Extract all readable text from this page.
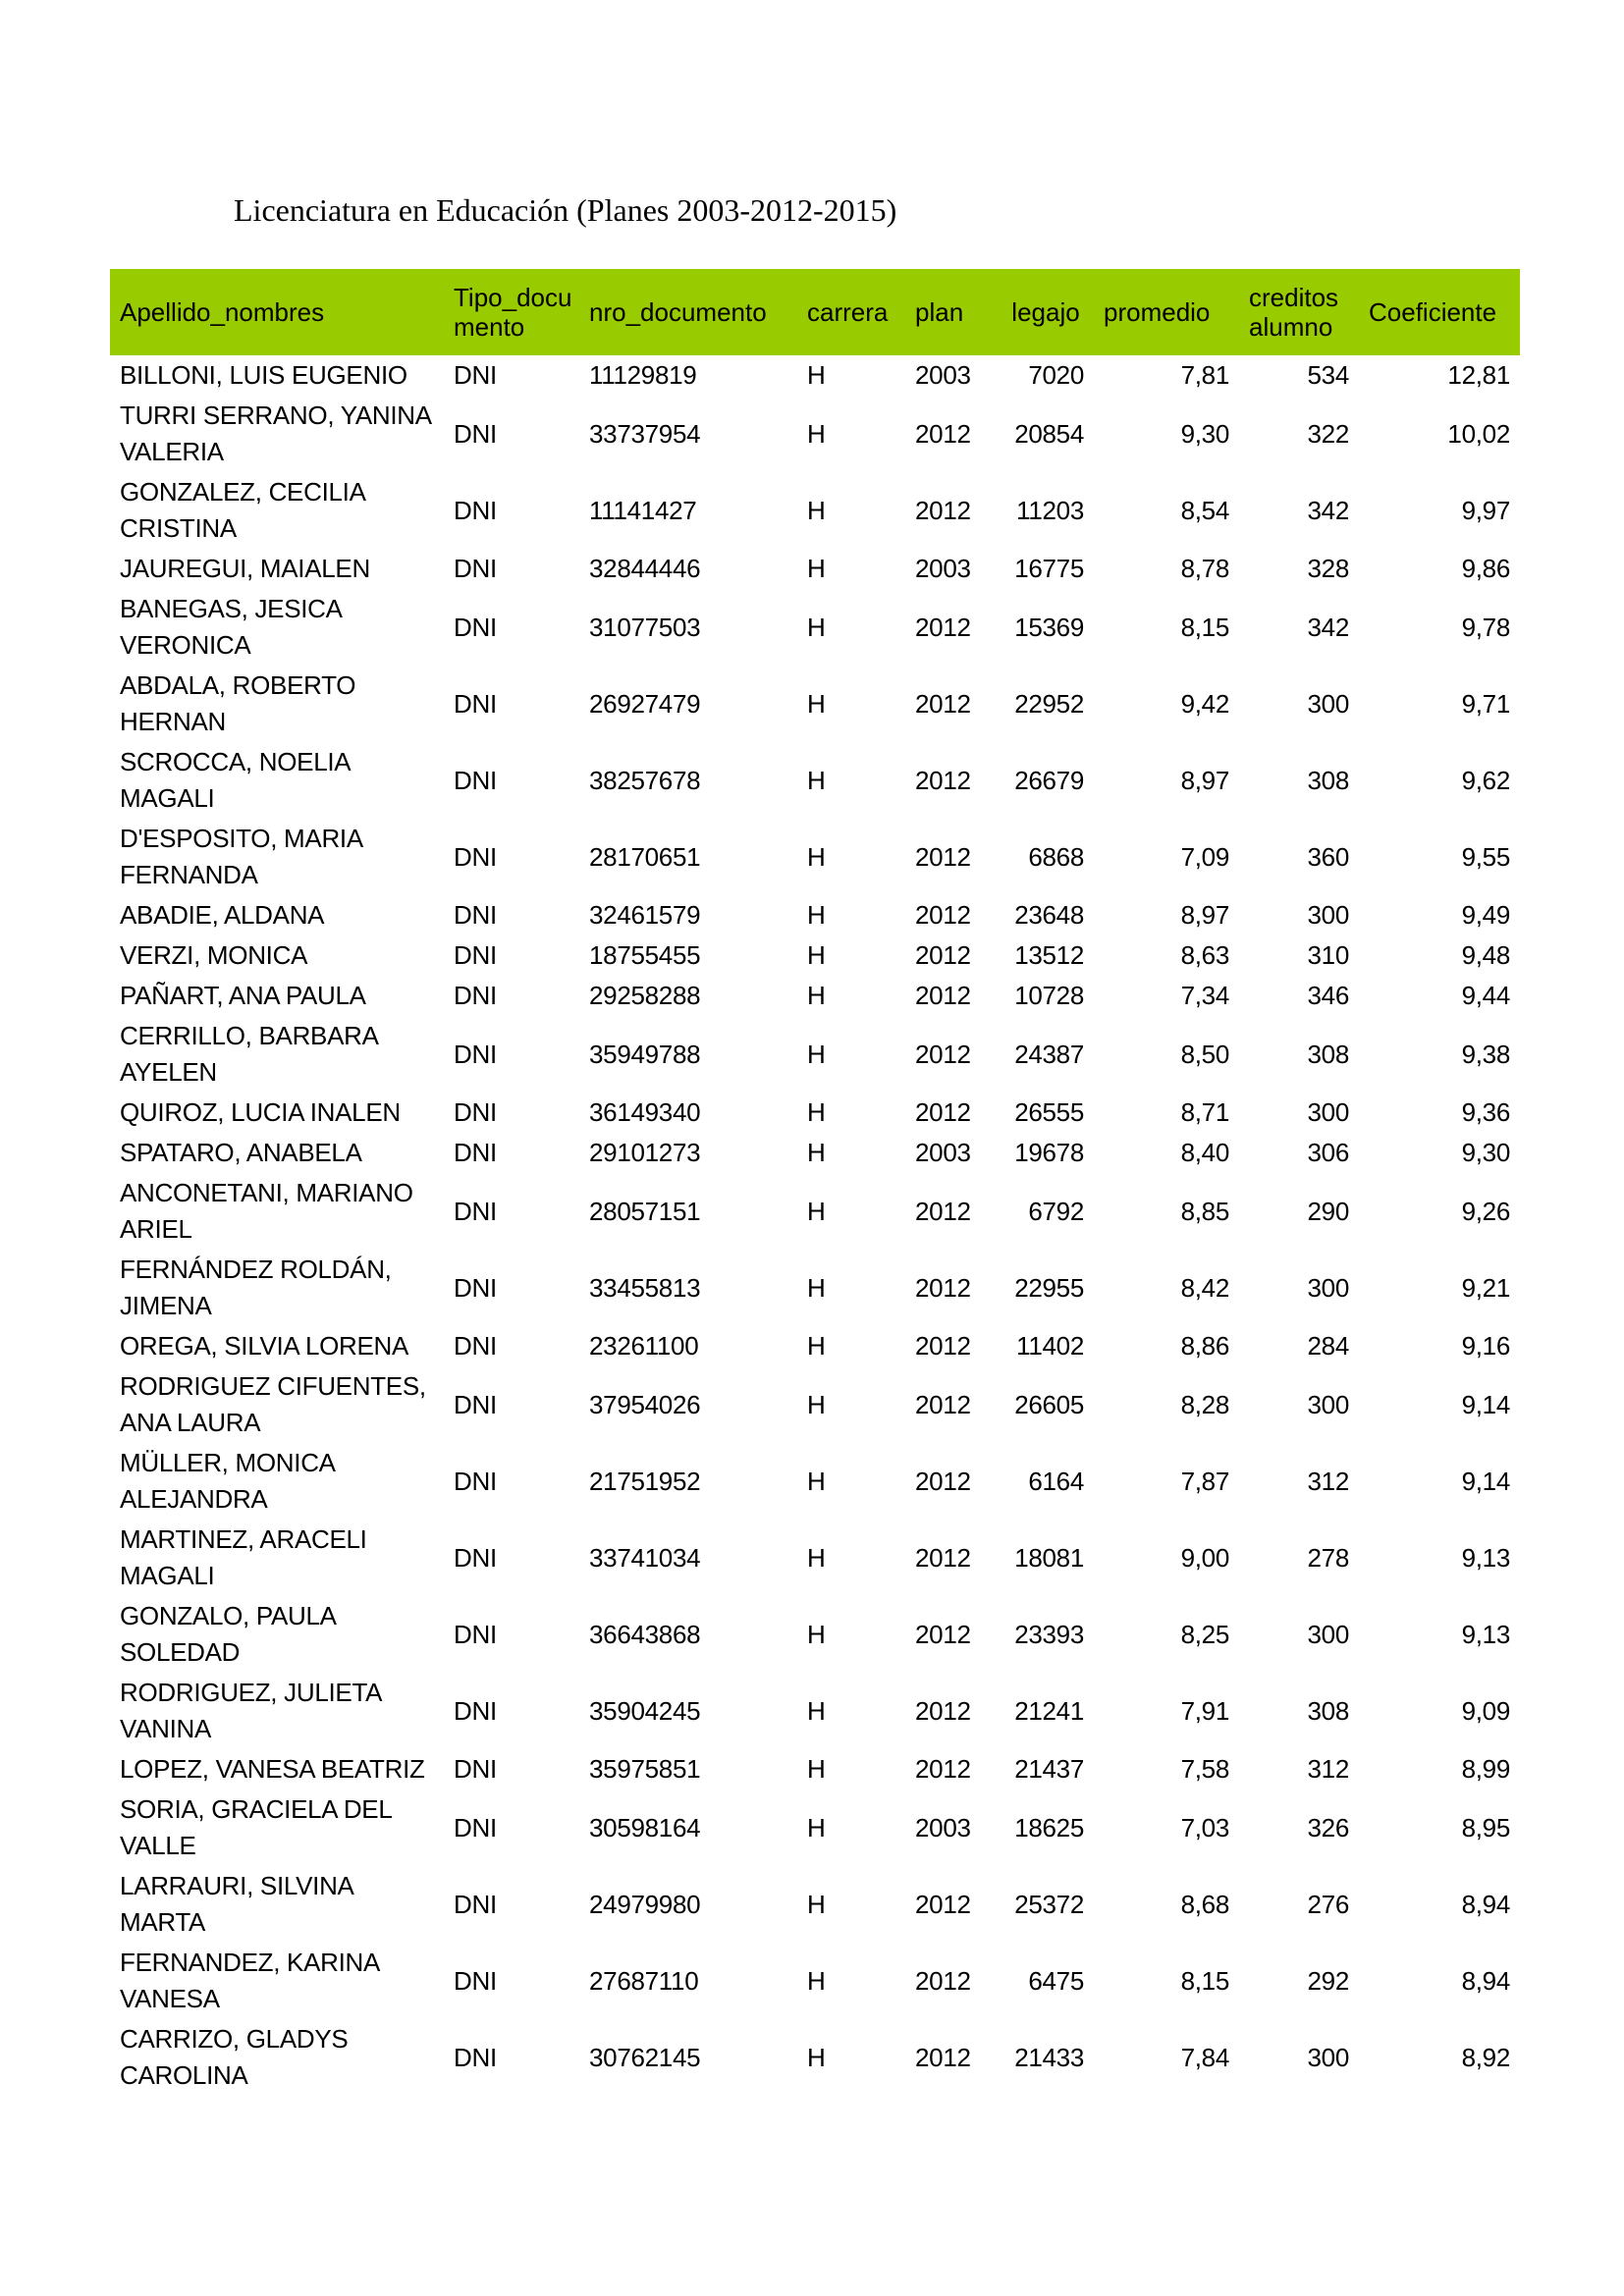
Licenciatura en Educación (Planes 2003-2012-2015)
Apellido_nombres	Tipo_documento	nro_documento	carrera	plan	legajo	promedio	creditos alumno	Coeficiente
BILLONI, LUIS EUGENIO	DNI	11129819	H	2003	7020	7,81	534	12,81
TURRI SERRANO, YANINA VALERIA	DNI	33737954	H	2012	20854	9,30	322	10,02
GONZALEZ, CECILIA CRISTINA	DNI	11141427	H	2012	11203	8,54	342	9,97
JAUREGUI, MAIALEN	DNI	32844446	H	2003	16775	8,78	328	9,86
BANEGAS, JESICA VERONICA	DNI	31077503	H	2012	15369	8,15	342	9,78
ABDALA, ROBERTO HERNAN	DNI	26927479	H	2012	22952	9,42	300	9,71
SCROCCA, NOELIA MAGALI	DNI	38257678	H	2012	26679	8,97	308	9,62
D'ESPOSITO, MARIA FERNANDA	DNI	28170651	H	2012	6868	7,09	360	9,55
ABADIE, ALDANA	DNI	32461579	H	2012	23648	8,97	300	9,49
VERZI, MONICA	DNI	18755455	H	2012	13512	8,63	310	9,48
PAÑART, ANA PAULA	DNI	29258288	H	2012	10728	7,34	346	9,44
CERRILLO, BARBARA AYELEN	DNI	35949788	H	2012	24387	8,50	308	9,38
QUIROZ, LUCIA INALEN	DNI	36149340	H	2012	26555	8,71	300	9,36
SPATARO, ANABELA	DNI	29101273	H	2003	19678	8,40	306	9,30
ANCONETANI, MARIANO ARIEL	DNI	28057151	H	2012	6792	8,85	290	9,26
FERNÁNDEZ ROLDÁN, JIMENA	DNI	33455813	H	2012	22955	8,42	300	9,21
OREGA, SILVIA LORENA	DNI	23261100	H	2012	11402	8,86	284	9,16
RODRIGUEZ CIFUENTES, ANA LAURA	DNI	37954026	H	2012	26605	8,28	300	9,14
MÜLLER, MONICA ALEJANDRA	DNI	21751952	H	2012	6164	7,87	312	9,14
MARTINEZ, ARACELI MAGALI	DNI	33741034	H	2012	18081	9,00	278	9,13
GONZALO, PAULA SOLEDAD	DNI	36643868	H	2012	23393	8,25	300	9,13
RODRIGUEZ, JULIETA VANINA	DNI	35904245	H	2012	21241	7,91	308	9,09
LOPEZ, VANESA BEATRIZ	DNI	35975851	H	2012	21437	7,58	312	8,99
SORIA, GRACIELA DEL VALLE	DNI	30598164	H	2003	18625	7,03	326	8,95
LARRAURI, SILVINA MARTA	DNI	24979980	H	2012	25372	8,68	276	8,94
FERNANDEZ, KARINA VANESA	DNI	27687110	H	2012	6475	8,15	292	8,94
CARRIZO, GLADYS CAROLINA	DNI	30762145	H	2012	21433	7,84	300	8,92
